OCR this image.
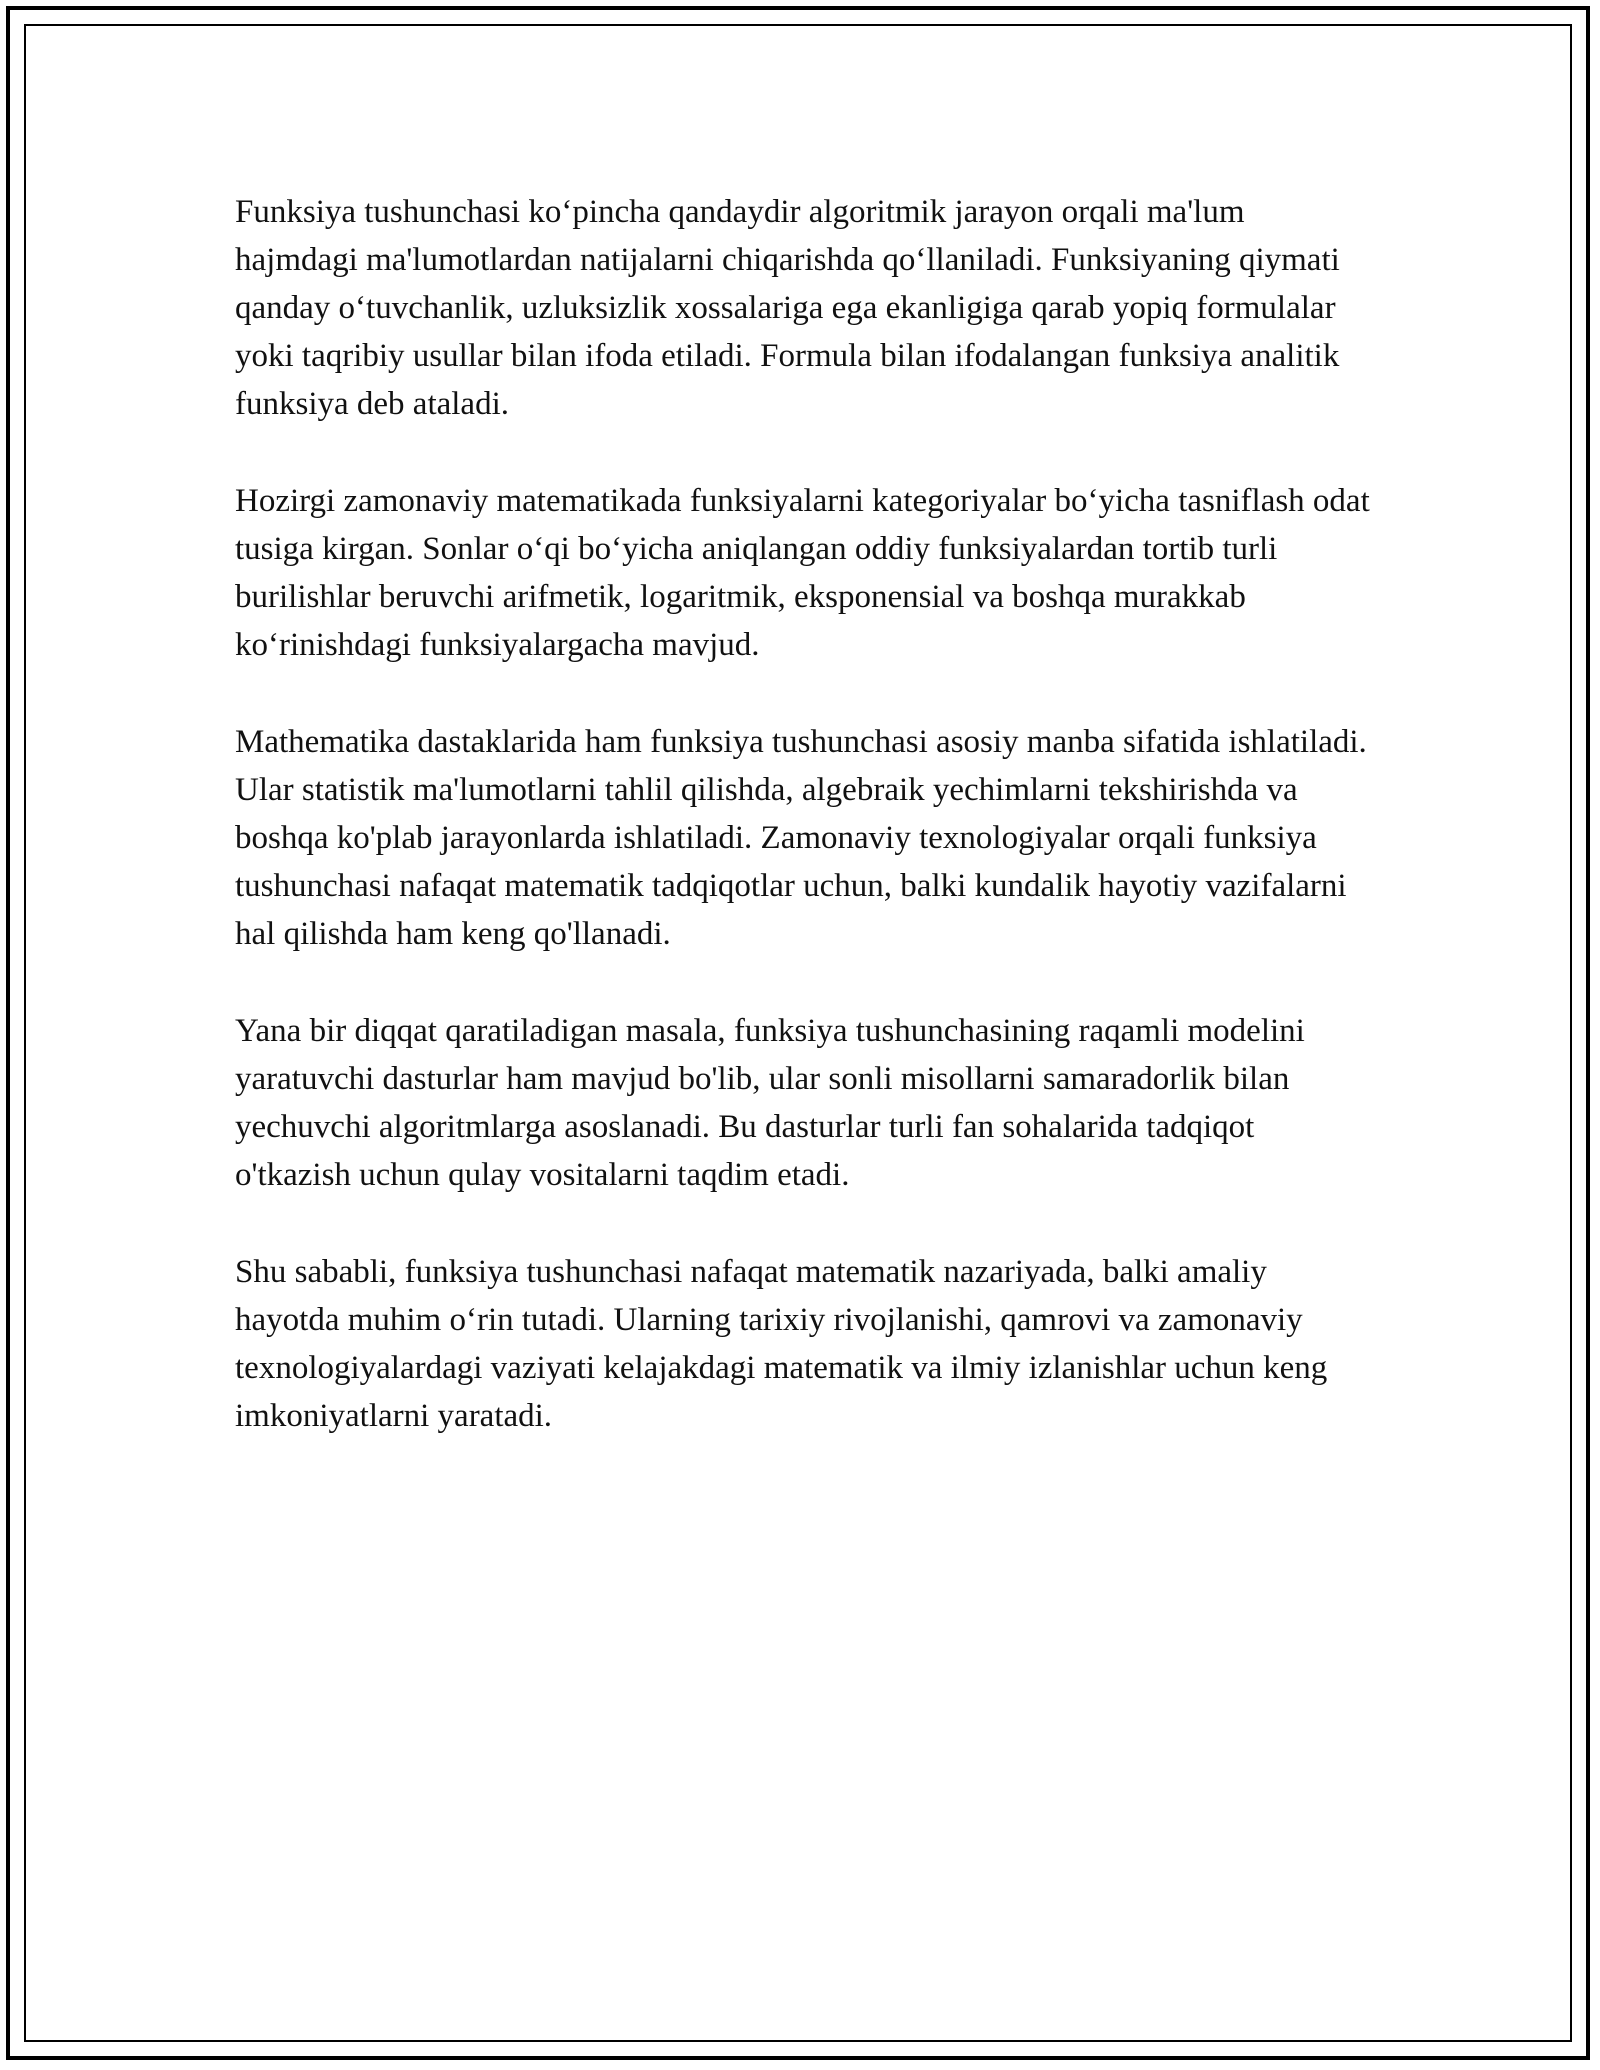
Funksiya tushunchasi ko‘pincha qandaydir algoritmik jarayon orqali ma'lum hajmdagi ma'lumotlardan natijalarni chiqarishda qo‘llaniladi. Funksiyaning qiymati qanday o‘tuvchanlik, uzluksizlik xossalariga ega ekanligiga qarab yopiq formulalar yoki taqribiy usullar bilan ifoda etiladi. Formula bilan ifodalangan funksiya analitik funksiya deb ataladi.

Hozirgi zamonaviy matematikada funksiyalarni kategoriyalar bo‘yicha tasniflash odat tusiga kirgan. Sonlar o‘qi bo‘yicha aniqlangan oddiy funksiyalardan tortib turli burilishlar beruvchi arifmetik, logaritmik, eksponensial va boshqa murakkab ko‘rinishdagi funksiyalargacha mavjud.

Mathematika dastaklarida ham funksiya tushunchasi asosiy manba sifatida ishlatiladi. Ular statistik ma'lumotlarni tahlil qilishda, algebraik yechimlarni tekshirishda va boshqa ko'plab jarayonlarda ishlatiladi. Zamonaviy texnologiyalar orqali funksiya tushunchasi nafaqat matematik tadqiqotlar uchun, balki kundalik hayotiy vazifalarni hal qilishda ham keng qo'llanadi.

Yana bir diqqat qaratiladigan masala, funksiya tushunchasining raqamli modelini yaratuvchi dasturlar ham mavjud bo'lib, ular sonli misollarni samaradorlik bilan yechuvchi algoritmlarga asoslanadi. Bu dasturlar turli fan sohalarida tadqiqot o'tkazish uchun qulay vositalarni taqdim etadi.

Shu sababli, funksiya tushunchasi nafaqat matematik nazariyada, balki amaliy hayotda muhim o‘rin tutadi. Ularning tarixiy rivojlanishi, qamrovi va zamonaviy texnologiyalardagi vaziyati kelajakdagi matematik va ilmiy izlanishlar uchun keng imkoniyatlarni yaratadi.
